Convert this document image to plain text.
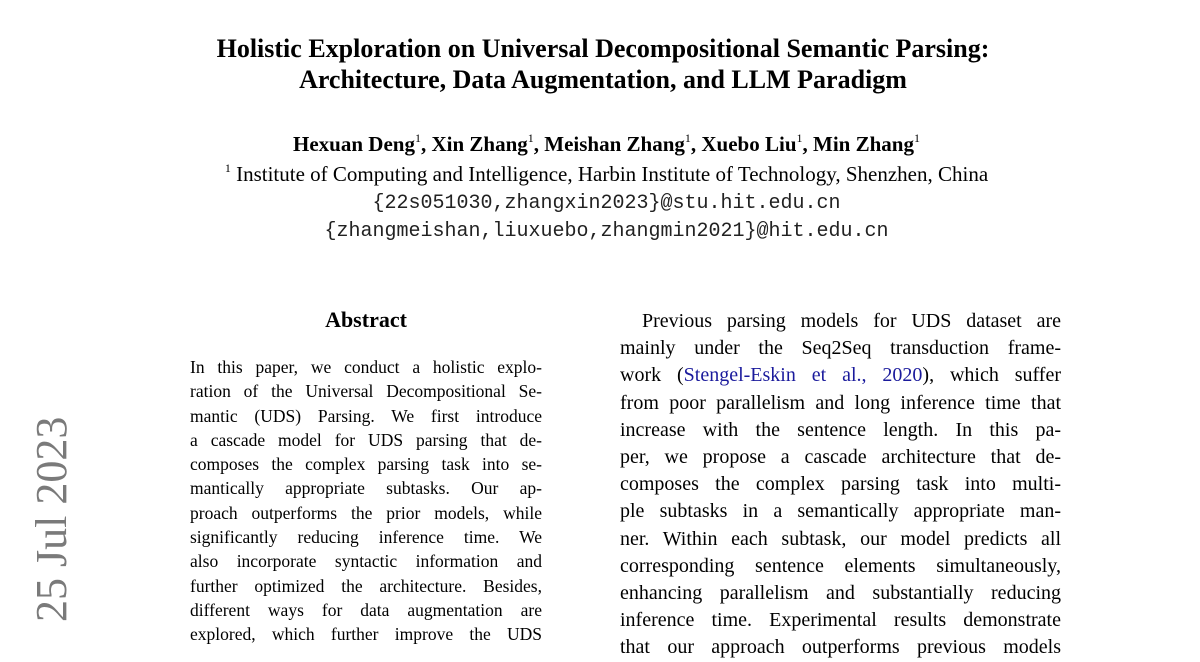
Holistic Exploration on Universal Decompositional Semantic Parsing:
Architecture, Data Augmentation, and LLM Paradigm
Hexuan Deng$^1$, Xin Zhang$^1$, Meishan Zhang$^1$, Xuebo Liu$^1$, Min Zhang$^1$
$^1$ Institute of Computing and Intelligence, Harbin Institute of Technology, Shenzhen, China
{22s051030,zhangxin2023}@stu.hit.edu.cn
{zhangmeishan,liuxuebo,zhangmin2021}@hit.edu.cn
Abstract
In this paper, we conduct a holistic explo-
ration of the Universal Decompositional Se-
mantic (UDS) Parsing. We first introduce
a cascade model for UDS parsing that de-
composes the complex parsing task into se-
mantically appropriate subtasks. Our ap-
proach outperforms the prior models, while
significantly reducing inference time. We
also incorporate syntactic information and
further optimized the architecture. Besides,
different ways for data augmentation are
explored, which further improve the UDS
Previous parsing models for UDS dataset are
mainly under the Seq2Seq transduction frame-
work (Stengel-Eskin et al., 2020), which suffer
from poor parallelism and long inference time that
increase with the sentence length. In this pa-
per, we propose a cascade architecture that de-
composes the complex parsing task into multi-
ple subtasks in a semantically appropriate man-
ner. Within each subtask, our model predicts all
corresponding sentence elements simultaneously,
enhancing parallelism and substantially reducing
inference time. Experimental results demonstrate
that our approach outperforms previous models
25 Jul 2023
